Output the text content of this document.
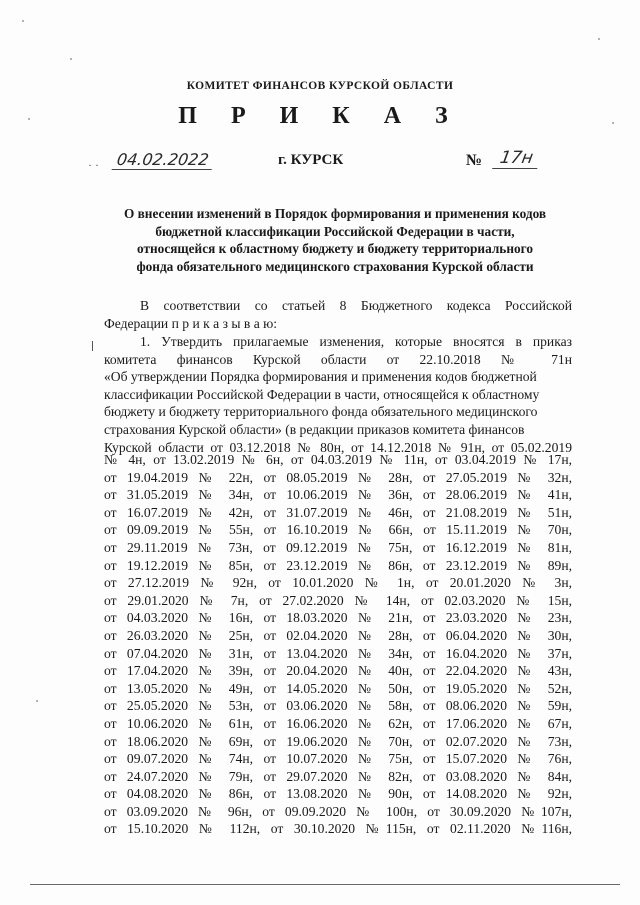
КОМИТЕТ ФИНАНСОВ КУРСКОЙ ОБЛАСТИ
П Р И К А З
· · 04.02.2022	г. КУРСК	№ 17н
О внесении изменений в Порядок формирования и применения кодов
бюджетной классификации Российской Федерации в части,
относящейся к областному бюджету и бюджету территориального
фонда обязательного медицинского страхования Курской области
В соответствии со статьей 8 Бюджетного кодекса Российской
Федерации п р и к а з ы в а ю:
1. Утвердить прилагаемые изменения, которые вносятся в приказ
комитета финансов Курской области от 22.10.2018 № 71н
«Об утверждении Порядка формирования и применения кодов бюджетной
классификации Российской Федерации в части, относящейся к областному
бюджету и бюджету территориального фонда обязательного медицинского
страхования Курской области» (в редакции приказов комитета финансов
Курской области от 03.12.2018 № 80н, от 14.12.2018 № 91н, от 05.02.2019
№ 4н, от 13.02.2019 № 6н, от 04.03.2019 № 11н, от 03.04.2019 № 17н,
от 19.04.2019 № 22н, от 08.05.2019 № 28н, от 27.05.2019 № 32н,
от 31.05.2019 № 34н, от 10.06.2019 № 36н, от 28.06.2019 № 41н,
от 16.07.2019 № 42н, от 31.07.2019 № 46н, от 21.08.2019 № 51н,
от 09.09.2019 № 55н, от 16.10.2019 № 66н, от 15.11.2019 № 70н,
от 29.11.2019 № 73н, от 09.12.2019 № 75н, от 16.12.2019 № 81н,
от 19.12.2019 № 85н, от 23.12.2019 № 86н, от 23.12.2019 № 89н,
от 27.12.2019 № 92н, от 10.01.2020 № 1н, от 20.01.2020 № 3н,
от 29.01.2020 № 7н, от 27.02.2020 № 14н, от 02.03.2020 № 15н,
от 04.03.2020 № 16н, от 18.03.2020 № 21н, от 23.03.2020 № 23н,
от 26.03.2020 № 25н, от 02.04.2020 № 28н, от 06.04.2020 № 30н,
от 07.04.2020 № 31н, от 13.04.2020 № 34н, от 16.04.2020 № 37н,
от 17.04.2020 № 39н, от 20.04.2020 № 40н, от 22.04.2020 № 43н,
от 13.05.2020 № 49н, от 14.05.2020 № 50н, от 19.05.2020 № 52н,
от 25.05.2020 № 53н, от 03.06.2020 № 58н, от 08.06.2020 № 59н,
от 10.06.2020 № 61н, от 16.06.2020 № 62н, от 17.06.2020 № 67н,
от 18.06.2020 № 69н, от 19.06.2020 № 70н, от 02.07.2020 № 73н,
от 09.07.2020 № 74н, от 10.07.2020 № 75н, от 15.07.2020 № 76н,
от 24.07.2020 № 79н, от 29.07.2020 № 82н, от 03.08.2020 № 84н,
от 04.08.2020 № 86н, от 13.08.2020 № 90н, от 14.08.2020 № 92н,
от 03.09.2020 № 96н, от 09.09.2020 № 100н, от 30.09.2020 №107н,
от 15.10.2020 № 112н, от 30.10.2020 №115н, от 02.11.2020 №116н,
